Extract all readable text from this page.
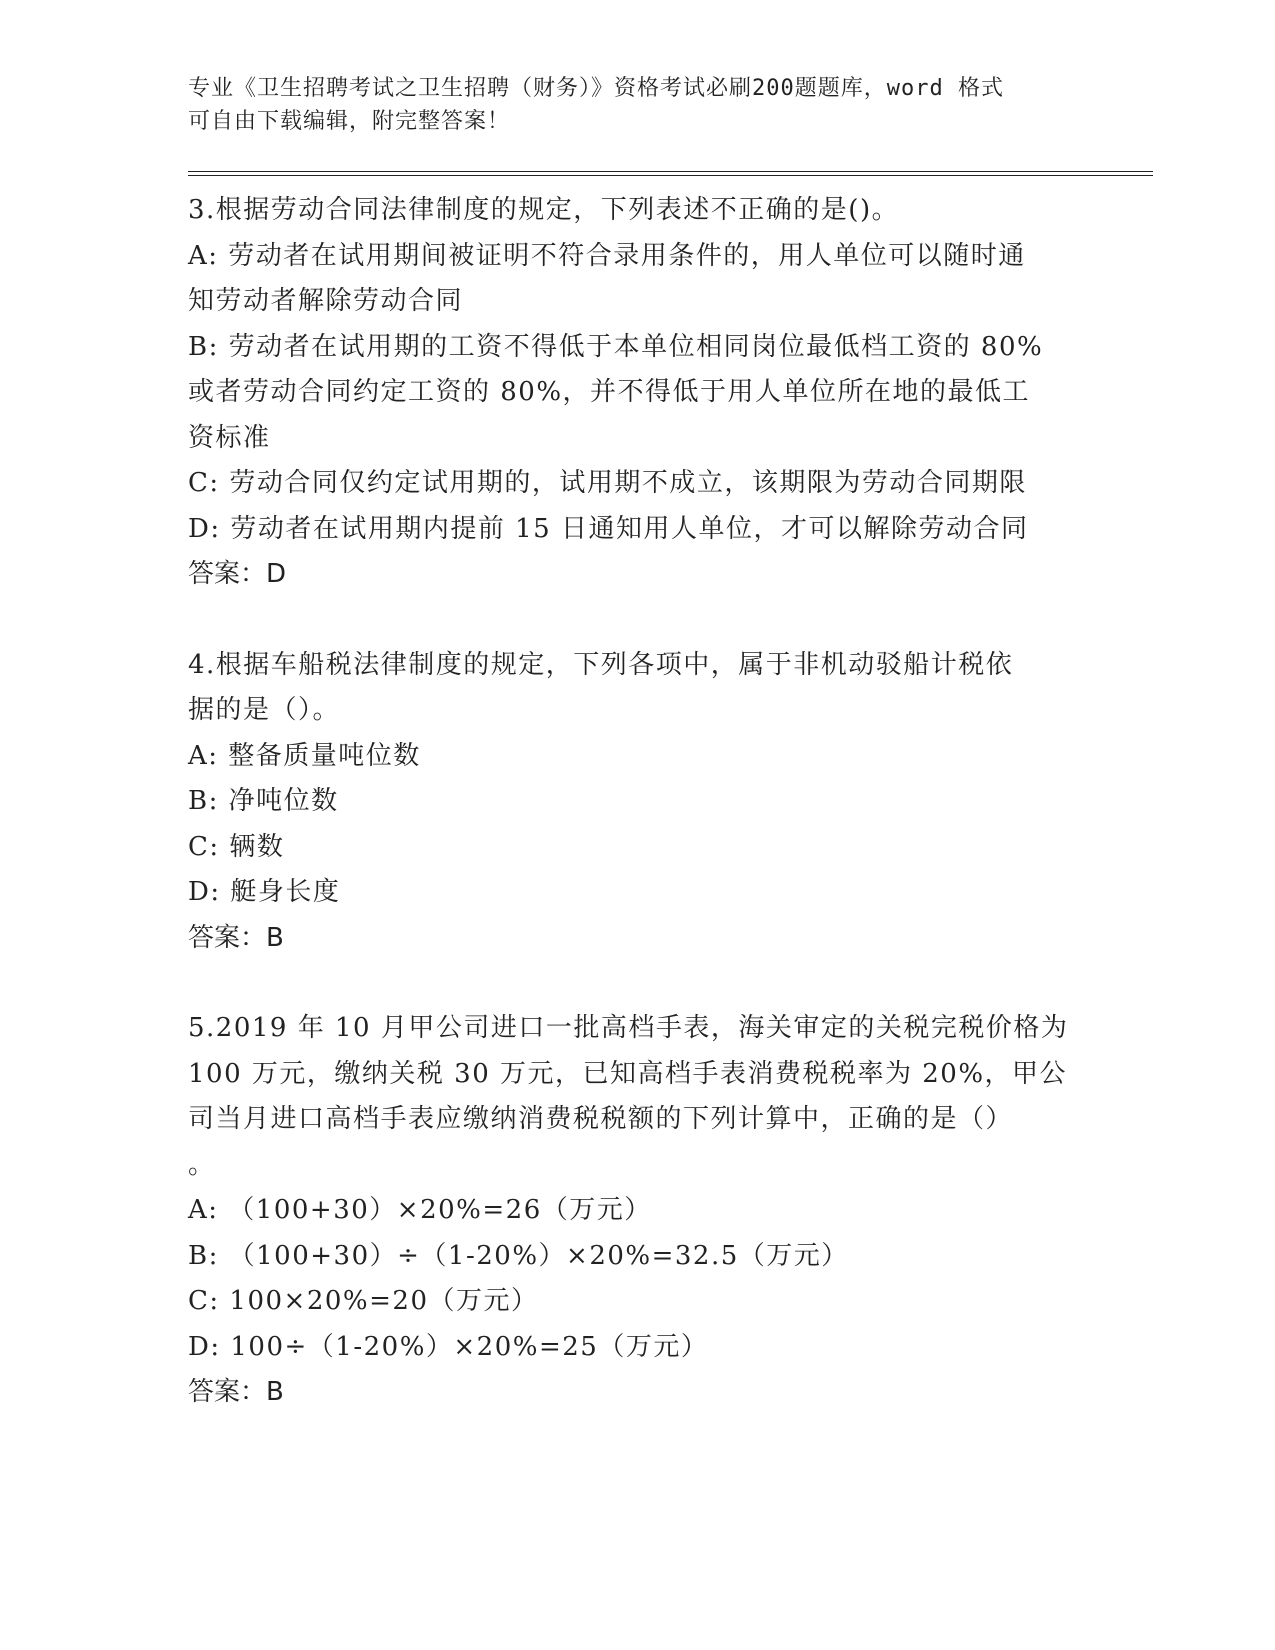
专业《卫生招聘考试之卫生招聘（财务）》资格考试必刷200题题库，word 格式
可自由下载编辑，附完整答案！

3.根据劳动合同法律制度的规定，下列表述不正确的是()。

A: 劳动者在试用期间被证明不符合录用条件的，用人单位可以随时通

知劳动者解除劳动合同

B: 劳动者在试用期的工资不得低于本单位相同岗位最低档工资的 80%

或者劳动合同约定工资的 80%，并不得低于用人单位所在地的最低工

资标准

C: 劳动合同仅约定试用期的，试用期不成立，该期限为劳动合同期限

D: 劳动者在试用期内提前 15 日通知用人单位，才可以解除劳动合同

答案：D

4.根据车船税法律制度的规定，下列各项中，属于非机动驳船计税依

据的是（）。

A: 整备质量吨位数

B: 净吨位数

C: 辆数

D: 艇身长度

答案：B

5.2019 年 10 月甲公司进口一批高档手表，海关审定的关税完税价格为

100 万元，缴纳关税 30 万元，已知高档手表消费税税率为 20%，甲公

司当月进口高档手表应缴纳消费税税额的下列计算中，正确的是（）

。

A: （100+30）×20%=26（万元）

B: （100+30）÷（1-20%）×20%=32.5（万元）

C: 100×20%=20（万元）

D: 100÷（1-20%）×20%=25（万元）

答案：B
